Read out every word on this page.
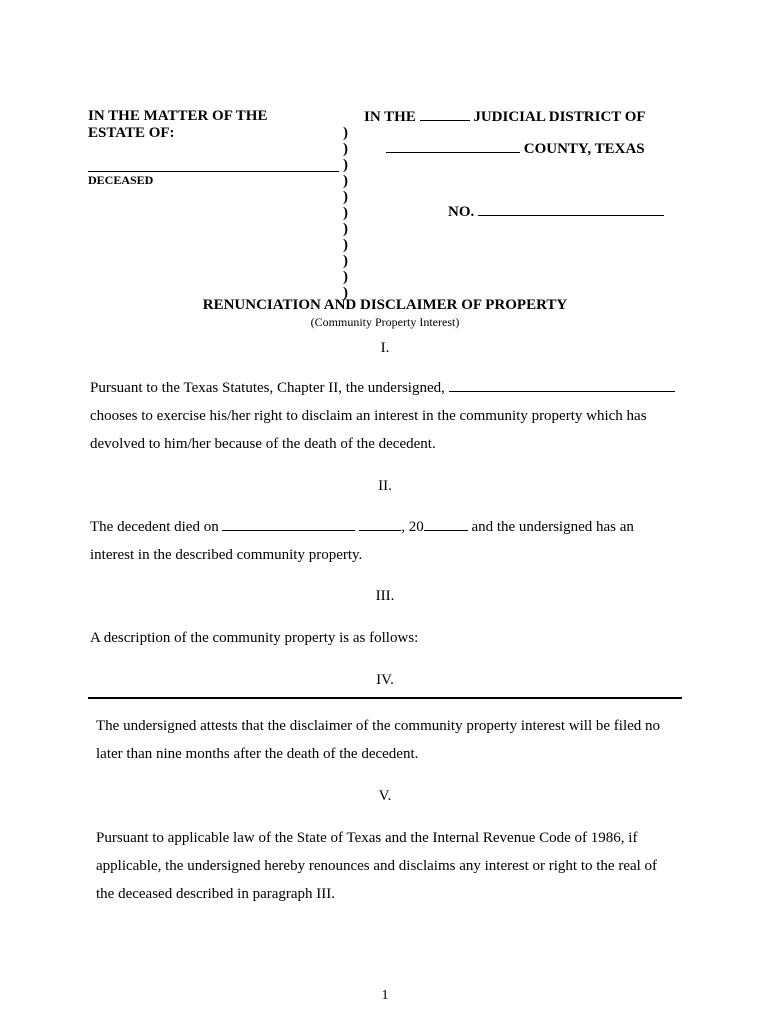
IN THE MATTER OF THE
ESTATE OF:
DECEASED
)
)
)
)
)
)
)
)
)
)
)
IN THE	JUDICIAL DISTRICT OF
COUNTY, TEXAS
NO.
RENUNCIATION AND DISCLAIMER OF PROPERTY
(Community Property Interest)
I.
Pursuant to the Texas Statutes, Chapter II, the undersigned,
chooses to exercise his/her right to disclaim an interest in the community property which has
devolved to him/her because of the death of the decedent.
II.
The decedent died on	, 20	and the undersigned has an
interest in the described community property.
III.
A description of the community property is as follows:
IV.
The undersigned attests that the disclaimer of the community property interest will be filed no
later than nine months after the death of the decedent.
V.
Pursuant to applicable law of the State of Texas and the Internal Revenue Code of 1986, if
applicable, the undersigned hereby renounces and disclaims any interest or right to the real of
the deceased described in paragraph III.
1
